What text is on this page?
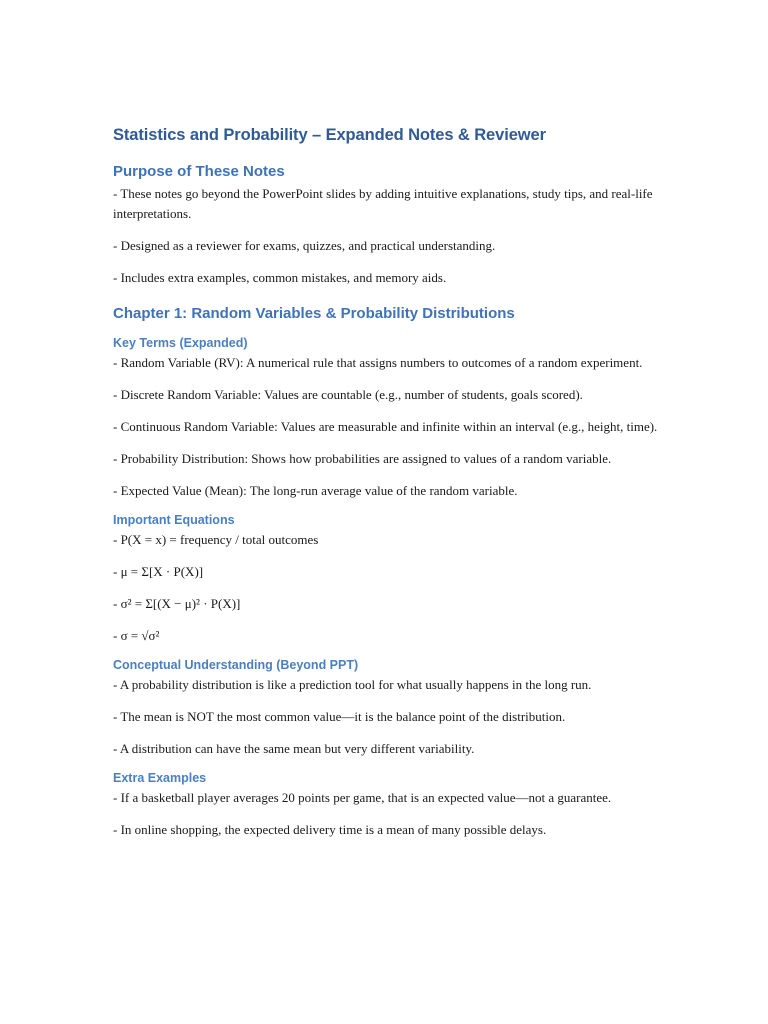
Statistics and Probability – Expanded Notes & Reviewer
Purpose of These Notes

- These notes go beyond the PowerPoint slides by adding intuitive explanations, study tips, and real-life interpretations.

- Designed as a reviewer for exams, quizzes, and practical understanding.

- Includes extra examples, common mistakes, and memory aids.

Chapter 1: Random Variables & Probability Distributions
Key Terms (Expanded)

- Random Variable (RV): A numerical rule that assigns numbers to outcomes of a random experiment.

- Discrete Random Variable: Values are countable (e.g., number of students, goals scored).

- Continuous Random Variable: Values are measurable and infinite within an interval (e.g., height, time).

- Probability Distribution: Shows how probabilities are assigned to values of a random variable.

- Expected Value (Mean): The long-run average value of the random variable.

Important Equations

- P(X = x) = frequency / total outcomes

- μ = Σ[X · P(X)]

- σ² = Σ[(X − μ)² · P(X)]

- σ = √σ²

Conceptual Understanding (Beyond PPT)

- A probability distribution is like a prediction tool for what usually happens in the long run.

- The mean is NOT the most common value—it is the balance point of the distribution.

- A distribution can have the same mean but very different variability.

Extra Examples

- If a basketball player averages 20 points per game, that is an expected value—not a guarantee.

- In online shopping, the expected delivery time is a mean of many possible delays.
